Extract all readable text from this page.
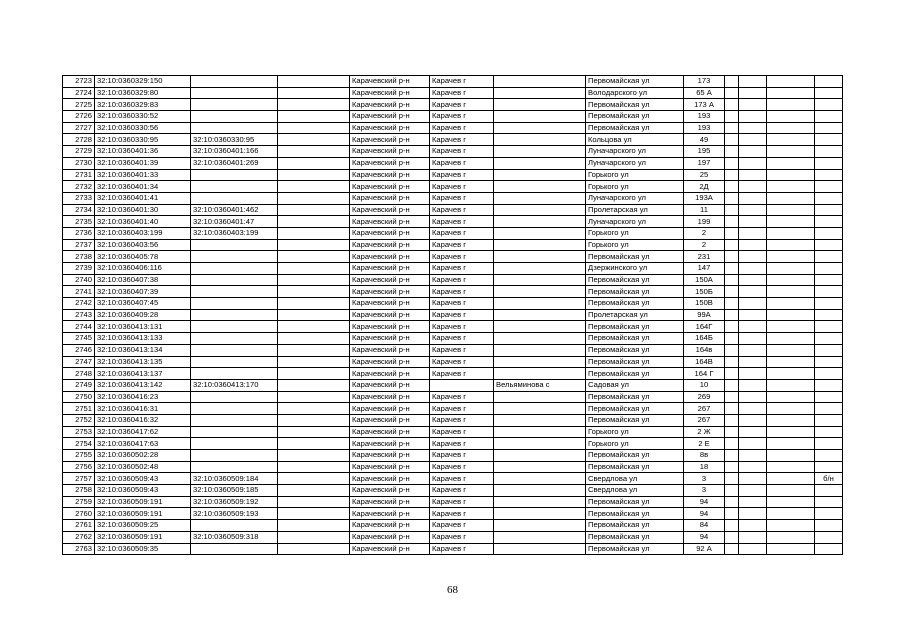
2723	32:10:0360329:150			Карачевский р-н	Карачев г		Первомайская ул	173				
2724	32:10:0360329:80			Карачевский р-н	Карачев г		Володарского ул	65 А				
2725	32:10:0360329:83			Карачевский р-н	Карачев г		Первомайская ул	173 А				
2726	32:10:0360330:52			Карачевский р-н	Карачев г		Первомайская ул	193				
2727	32:10:0360330:56			Карачевский р-н	Карачев г		Первомайская ул	193				
2728	32:10:0360330:95	32:10:0360330:95		Карачевский р-н	Карачев г		Кольцова ул	49				
2729	32:10:0360401:36	32:10:0360401:166		Карачевский р-н	Карачев г		Луначарского ул	195				
2730	32:10:0360401:39	32:10:0360401:269		Карачевский р-н	Карачев г		Луначарского ул	197				
2731	32:10:0360401:33			Карачевский р-н	Карачев г		Горького ул	25				
2732	32:10:0360401:34			Карачевский р-н	Карачев г		Горького ул	2Д				
2733	32:10:0360401:41			Карачевский р-н	Карачев г		Луначарского ул	193А				
2734	32:10:0360401:30	32:10:0360401:462		Карачевский р-н	Карачев г		Пролетарская ул	11				
2735	32:10:0360401:40	32:10:0360401:47		Карачевский р-н	Карачев г		Луначарского ул	199				
2736	32:10:0360403:199	32:10:0360403:199		Карачевский р-н	Карачев г		Горького ул	2				
2737	32:10:0360403:56			Карачевский р-н	Карачев г		Горького ул	2				
2738	32:10:0360405:78			Карачевский р-н	Карачев г		Первомайская ул	231				
2739	32:10:0360406:116			Карачевский р-н	Карачев г		Дзержинского ул	147				
2740	32:10:0360407:38			Карачевский р-н	Карачев г		Первомайская ул	150А				
2741	32:10:0360407:39			Карачевский р-н	Карачев г		Первомайская ул	150Б				
2742	32:10:0360407:45			Карачевский р-н	Карачев г		Первомайская ул	150В				
2743	32:10:0360409:28			Карачевский р-н	Карачев г		Пролетарская ул	99А				
2744	32:10:0360413:131			Карачевский р-н	Карачев г		Первомайская ул	164Г				
2745	32:10:0360413:133			Карачевский р-н	Карачев г		Первомайская ул	164Б				
2746	32:10:0360413:134			Карачевский р-н	Карачев г		Первомайская ул	164в				
2747	32:10:0360413:135			Карачевский р-н	Карачев г		Первомайская ул	164В				
2748	32:10:0360413:137			Карачевский р-н	Карачев г		Первомайская ул	164 Г				
2749	32:10:0360413:142	32:10:0360413:170		Карачевский р-н		Вельяминова с	Садовая ул	10				
2750	32:10:0360416:23			Карачевский р-н	Карачев г		Первомайская ул	269				
2751	32:10:0360416:31			Карачевский р-н	Карачев г		Первомайская ул	267				
2752	32:10:0360416:32			Карачевский р-н	Карачев г		Первомайская ул	267				
2753	32:10:0360417:62			Карачевский р-н	Карачев г		Горького ул	2 Ж				
2754	32:10:0360417:63			Карачевский р-н	Карачев г		Горького ул	2 Е				
2755	32:10:0360502:28			Карачевский р-н	Карачев г		Первомайская ул	8в				
2756	32:10:0360502:48			Карачевский р-н	Карачев г		Первомайская ул	18				
2757	32:10:0360509:43	32:10:0360509:184		Карачевский р-н	Карачев г		Свердлова ул	3				б/н
2758	32:10:0360509:43	32:10:0360509:185		Карачевский р-н	Карачев г		Свердлова ул	3				
2759	32:10:0360509:191	32:10:0360509:192		Карачевский р-н	Карачев г		Первомайская ул	94				
2760	32:10:0360509:191	32:10:0360509:193		Карачевский р-н	Карачев г		Первомайская ул	94				
2761	32:10:0360509:25			Карачевский р-н	Карачев г		Первомайская ул	84				
2762	32:10:0360509:191	32:10:0360509:318		Карачевский р-н	Карачев г		Первомайская ул	94				
2763	32:10:0360509:35			Карачевский р-н	Карачев г		Первомайская ул	92 А				
68
